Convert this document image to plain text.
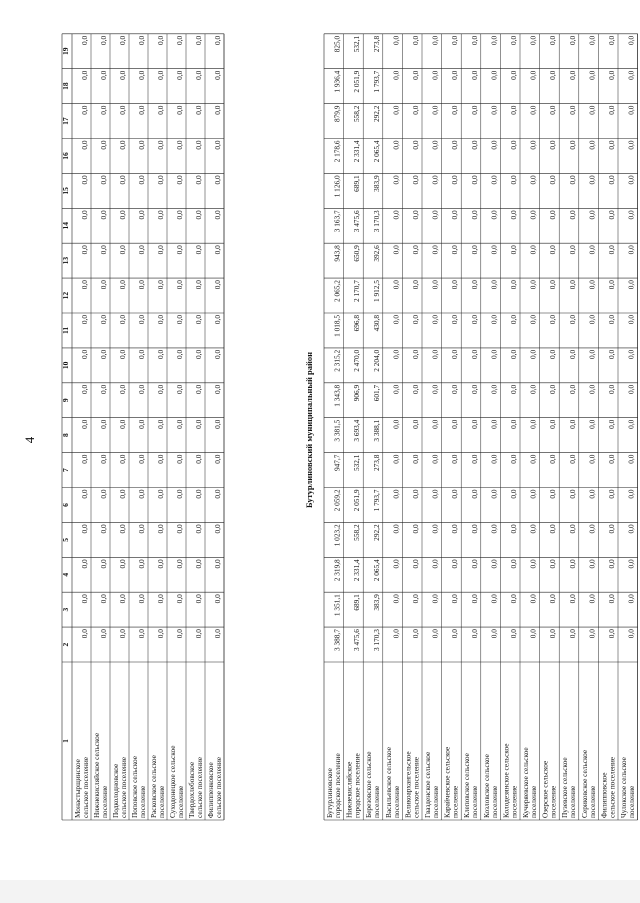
4
1
2
3
4
5
6
7
8
9
10
11
12
13
14
15
16
17
18
19
Монастырщинское сельское поселение
0,0
0,0
0,0
0,0
0,0
0,0
0,0
0,0
0,0
0,0
0,0
0,0
0,0
0,0
0,0
0,0
0,0
0,0
Нижнекисляйское сельское поселение
0,0
0,0
0,0
0,0
0,0
0,0
0,0
0,0
0,0
0,0
0,0
0,0
0,0
0,0
0,0
0,0
0,0
0,0
Подколодновское сельское поселение
0,0
0,0
0,0
0,0
0,0
0,0
0,0
0,0
0,0
0,0
0,0
0,0
0,0
0,0
0,0
0,0
0,0
0,0
Поповское сельское поселение
0,0
0,0
0,0
0,0
0,0
0,0
0,0
0,0
0,0
0,0
0,0
0,0
0,0
0,0
0,0
0,0
0,0
0,0
Расковское сельское поселение
0,0
0,0
0,0
0,0
0,0
0,0
0,0
0,0
0,0
0,0
0,0
0,0
0,0
0,0
0,0
0,0
0,0
0,0
Суходонецкое сельское поселение
0,0
0,0
0,0
0,0
0,0
0,0
0,0
0,0
0,0
0,0
0,0
0,0
0,0
0,0
0,0
0,0
0,0
0,0
Твердохлебовское сельское поселение
0,0
0,0
0,0
0,0
0,0
0,0
0,0
0,0
0,0
0,0
0,0
0,0
0,0
0,0
0,0
0,0
0,0
0,0
Филиппенковское сельское поселение
0,0
0,0
0,0
0,0
0,0
0,0
0,0
0,0
0,0
0,0
0,0
0,0
0,0
0,0
0,0
0,0
0,0
0,0
Бутурлиновский муниципальный район
Бутурлиновское городское поселение
3 388,7
1 351,1
2 319,8
1 023,2
2 059,2
947,7
3 381,5
1 343,8
2 315,2
1 018,5
2 065,2
943,8
3 163,7
1 126,0
2 178,6
879,9
1 936,4
825,0
Нижнекисляйское городское поселение
3 475,6
689,1
2 331,4
558,2
2 051,9
532,1
3 693,4
906,9
2 470,0
696,8
2 170,7
650,9
3 475,6
689,1
2 331,4
558,2
2 051,9
532,1
Березовское сельское поселение
3 170,3
383,9
2 065,4
292,2
1 793,7
273,8
3 388,1
601,7
2 204,0
430,8
1 912,5
392,6
3 170,3
383,9
2 065,4
292,2
1 793,7
273,8
Васильевское сельское поселение
0,0
0,0
0,0
0,0
0,0
0,0
0,0
0,0
0,0
0,0
0,0
0,0
0,0
0,0
0,0
0,0
0,0
0,0
Великоархангельское сельское поселение
0,0
0,0
0,0
0,0
0,0
0,0
0,0
0,0
0,0
0,0
0,0
0,0
0,0
0,0
0,0
0,0
0,0
0,0
Гвазденское сельское поселение
0,0
0,0
0,0
0,0
0,0
0,0
0,0
0,0
0,0
0,0
0,0
0,0
0,0
0,0
0,0
0,0
0,0
0,0
Карайчевское сельское поселение
0,0
0,0
0,0
0,0
0,0
0,0
0,0
0,0
0,0
0,0
0,0
0,0
0,0
0,0
0,0
0,0
0,0
0,0
Клеповское сельское поселение
0,0
0,0
0,0
0,0
0,0
0,0
0,0
0,0
0,0
0,0
0,0
0,0
0,0
0,0
0,0
0,0
0,0
0,0
Козловское сельское поселение
0,0
0,0
0,0
0,0
0,0
0,0
0,0
0,0
0,0
0,0
0,0
0,0
0,0
0,0
0,0
0,0
0,0
0,0
Колодезянское сельское поселение
0,0
0,0
0,0
0,0
0,0
0,0
0,0
0,0
0,0
0,0
0,0
0,0
0,0
0,0
0,0
0,0
0,0
0,0
Кучеряевское сельское поселение
0,0
0,0
0,0
0,0
0,0
0,0
0,0
0,0
0,0
0,0
0,0
0,0
0,0
0,0
0,0
0,0
0,0
0,0
Озерское сельское поселение
0,0
0,0
0,0
0,0
0,0
0,0
0,0
0,0
0,0
0,0
0,0
0,0
0,0
0,0
0,0
0,0
0,0
0,0
Пузевское сельское поселение
0,0
0,0
0,0
0,0
0,0
0,0
0,0
0,0
0,0
0,0
0,0
0,0
0,0
0,0
0,0
0,0
0,0
0,0
Сериковское сельское поселение
0,0
0,0
0,0
0,0
0,0
0,0
0,0
0,0
0,0
0,0
0,0
0,0
0,0
0,0
0,0
0,0
0,0
0,0
Филипповское сельское поселение
0,0
0,0
0,0
0,0
0,0
0,0
0,0
0,0
0,0
0,0
0,0
0,0
0,0
0,0
0,0
0,0
0,0
0,0
Чулокское сельское поселение
0,0
0,0
0,0
0,0
0,0
0,0
0,0
0,0
0,0
0,0
0,0
0,0
0,0
0,0
0,0
0,0
0,0
0,0
